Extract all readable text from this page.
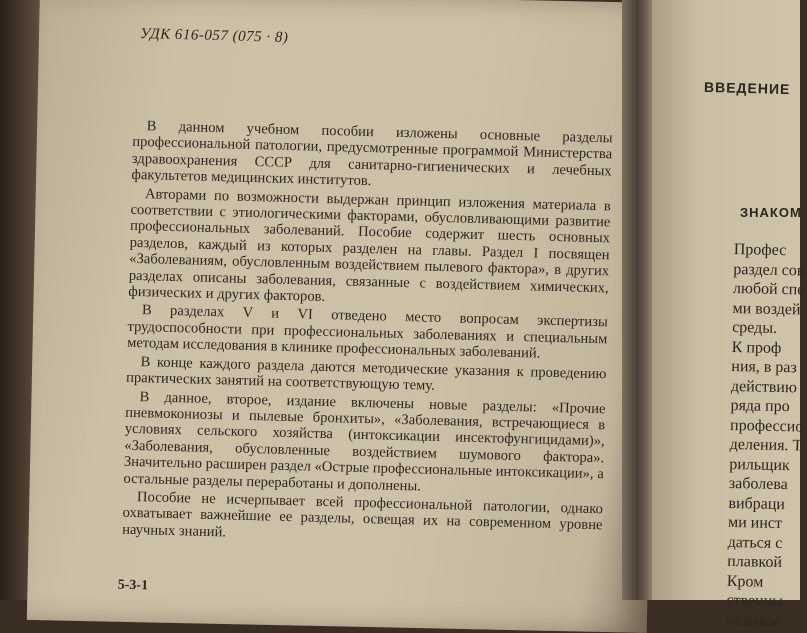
УДК 616-057 (075 · 8)

В данном учебном пособии изложены основные разделы профессиональной патологии, предусмотренные программой Министерства здравоохранения СССР для санитарно-гигиенических и лечебных факультетов медицинских институтов.

Авторами по возможности выдержан принцип изложения материала в соответствии с этиологическими факторами, обусловливающими развитие профессиональных заболеваний. Пособие содержит шесть основных разделов, каждый из которых разделен на главы. Раздел I посвящен «Заболеваниям, обусловленным воздействием пылевого фактора», в других разделах описаны заболевания, связанные с воздействием химических, физических и других факторов.

В разделах V и VI отведено место вопросам экспертизы трудоспособности при профессиональных заболеваниях и специальным методам исследования в клинике профессиональных заболеваний.

В конце каждого раздела даются методические указания к проведению практических занятий на соответствующую тему.

В данное, второе, издание включены новые разделы: «Прочие пневмокониозы и пылевые бронхиты», «Заболевания, встречающиеся в условиях сельского хозяйства (интоксикации инсектофунгицидами)», «Заболевания, обусловленные воздействием шумового фактора». Значительно расширен раздел «Острые профессиональные интоксикации», а остальные разделы переработаны и дополнены.

Пособие не исчерпывает всей профессиональной патологии, однако охватывает важнейшие ее разделы, освещая их на современном уровне научных знаний.

5-3-1
ВВЕДЕНИЕ
ЗНАКОМ
Профес
раздел сов
любой спе
ми воздей
среды.
К проф
ния, в раз
действию
ряда про
профессио
деления. Т
рильщик
заболева
вибраци
ми инст
даться с
плавкой
Кром
ственны
называе
